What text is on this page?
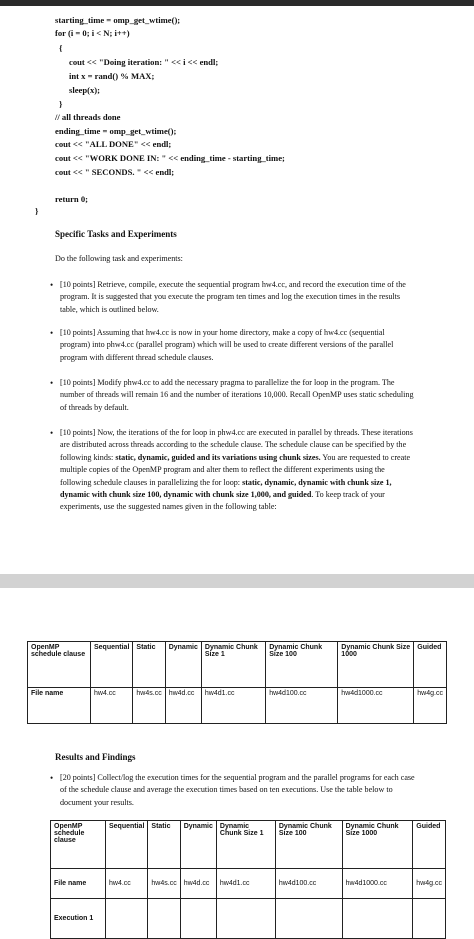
starting_time = omp_get_wtime();
for (i = 0; i < N; i++)
{
cout << "Doing iteration: " << i << endl;
int x = rand() % MAX;
sleep(x);
}
// all threads done
ending_time = omp_get_wtime();
cout << "ALL DONE" << endl;
cout << "WORK DONE IN: " << ending_time - starting_time;
cout << " SECONDS. " << endl;
return 0;
}
Specific Tasks and Experiments
Do the following task and experiments:
• [10 points] Retrieve, compile, execute the sequential program hw4.cc, and record the execution time of the program. It is suggested that you execute the program ten times and log the execution times in the results table, which is outlined below.
• [10 points] Assuming that hw4.cc is now in your home directory, make a copy of hw4.cc (sequential program) into phw4.cc (parallel program) which will be used to create different versions of the parallel program with different thread schedule clauses.
• [10 points] Modify phw4.cc to add the necessary pragma to parallelize the for loop in the program. The number of threads will remain 16 and the number of iterations 10,000. Recall OpenMP uses static scheduling of threads by default.
• [10 points] Now, the iterations of the for loop in phw4.cc are executed in parallel by threads. These iterations are distributed across threads according to the schedule clause. The schedule clause can be specified by the following kinds: static, dynamic, guided and its variations using chunk sizes. You are requested to create multiple copies of the OpenMP program and alter them to reflect the different experiments using the following schedule clauses in parallelizing the for loop: static, dynamic, dynamic with chunk size 1, dynamic with chunk size 100, dynamic with chunk size 1,000, and guided. To keep track of your experiments, use the suggested names given in the following table:
OpenMP schedule clause	Sequential	Static	Dynamic	Dynamic Chunk Size 1	Dynamic Chunk Size 100	Dynamic Chunk Size 1000	Guided
File name	hw4.cc	hw4s.cc	hw4d.cc	hw4d1.cc	hw4d100.cc	hw4d1000.cc	hw4g.cc
Results and Findings
• [20 points] Collect/log the execution times for the sequential program and the parallel programs for each case of the schedule clause and average the execution times based on ten executions. Use the table below to document your results.
OpenMP schedule clause	Sequential	Static	Dynamic	Dynamic Chunk Size 1	Dynamic Chunk Size 100	Dynamic Chunk Size 1000	Guided
File name	hw4.cc	hw4s.cc	hw4d.cc	hw4d1.cc	hw4d100.cc	hw4d1000.cc	hw4g.cc
Execution 1							
